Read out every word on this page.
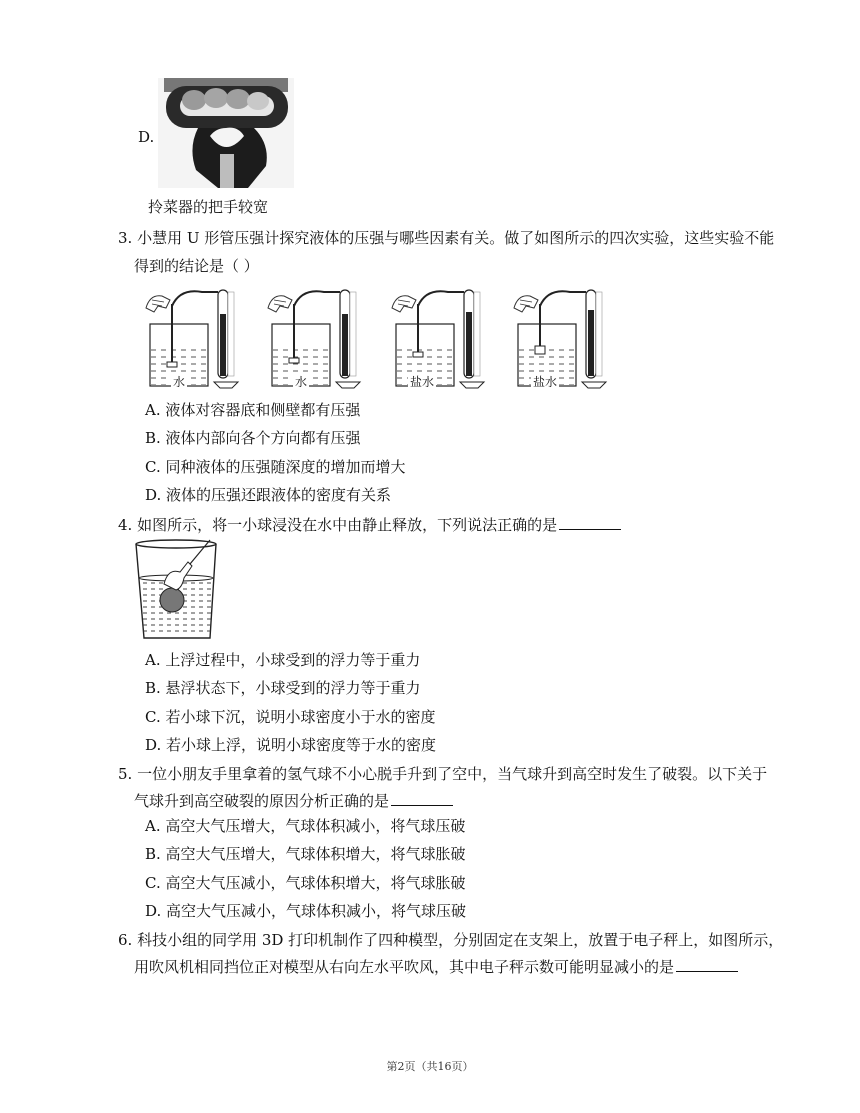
D.
拎菜器的把手较宽
3. 小慧用 U 形管压强计探究液体的压强与哪些因素有关。做了如图所示的四次实验，这些实验不能
得到的结论是（ ）
水	水	盐水	盐水
A. 液体对容器底和侧壁都有压强
B. 液体内部向各个方向都有压强
C. 同种液体的压强随深度的增加而增大
D. 液体的压强还跟液体的密度有关系
4. 如图所示，将一小球浸没在水中由静止释放，下列说法正确的是
A. 上浮过程中，小球受到的浮力等于重力
B. 悬浮状态下，小球受到的浮力等于重力
C. 若小球下沉，说明小球密度小于水的密度
D. 若小球上浮，说明小球密度等于水的密度
5. 一位小朋友手里拿着的氢气球不小心脱手升到了空中，当气球升到高空时发生了破裂。以下关于
气球升到高空破裂的原因分析正确的是
A. 高空大气压增大，气球体积减小，将气球压破
B. 高空大气压增大，气球体积增大，将气球胀破
C. 高空大气压减小，气球体积增大，将气球胀破
D. 高空大气压减小，气球体积减小，将气球压破
6. 科技小组的同学用 3D 打印机制作了四种模型，分别固定在支架上，放置于电子秤上，如图所示，
用吹风机相同挡位正对模型从右向左水平吹风，其中电子秤示数可能明显减小的是
第2页（共16页）
